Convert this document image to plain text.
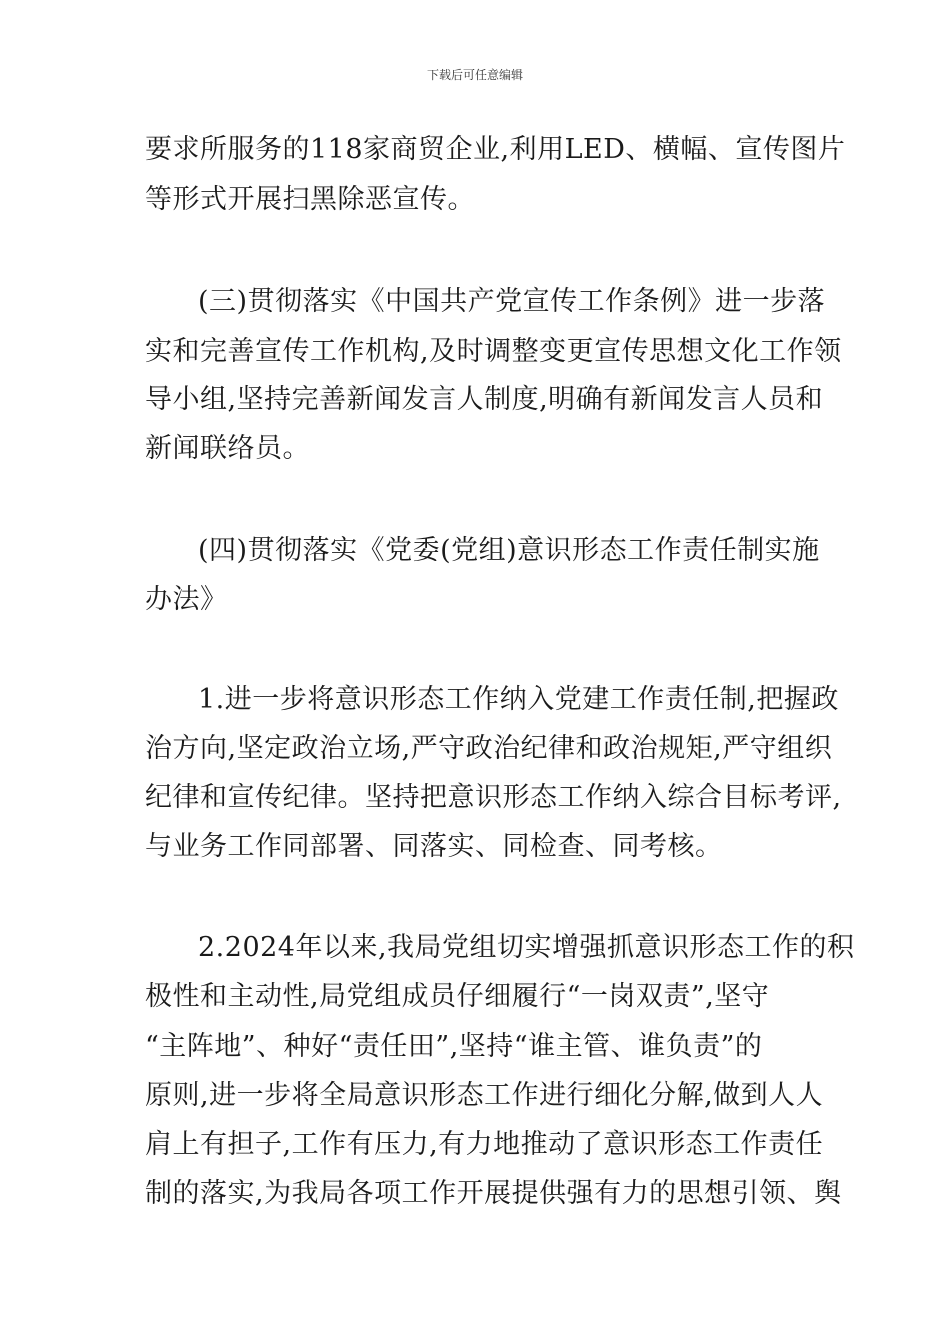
下载后可任意编辑
要求所服务的118家商贸企业,利用LED、横幅、宣传图片
等形式开展扫黑除恶宣传。
(三)贯彻落实《中国共产党宣传工作条例》进一步落
实和完善宣传工作机构,及时调整变更宣传思想文化工作领
导小组,坚持完善新闻发言人制度,明确有新闻发言人员和
新闻联络员。
(四)贯彻落实《党委(党组)意识形态工作责任制实施
办法》
1.进一步将意识形态工作纳入党建工作责任制,把握政
治方向,坚定政治立场,严守政治纪律和政治规矩,严守组织
纪律和宣传纪律。坚持把意识形态工作纳入综合目标考评,
与业务工作同部署、同落实、同检查、同考核。
2.2024年以来,我局党组切实增强抓意识形态工作的积
极性和主动性,局党组成员仔细履行“一岗双责”,坚守
“主阵地”、种好“责任田”,坚持“谁主管、谁负责”的
原则,进一步将全局意识形态工作进行细化分解,做到人人
肩上有担子,工作有压力,有力地推动了意识形态工作责任
制的落实,为我局各项工作开展提供强有力的思想引领、舆
